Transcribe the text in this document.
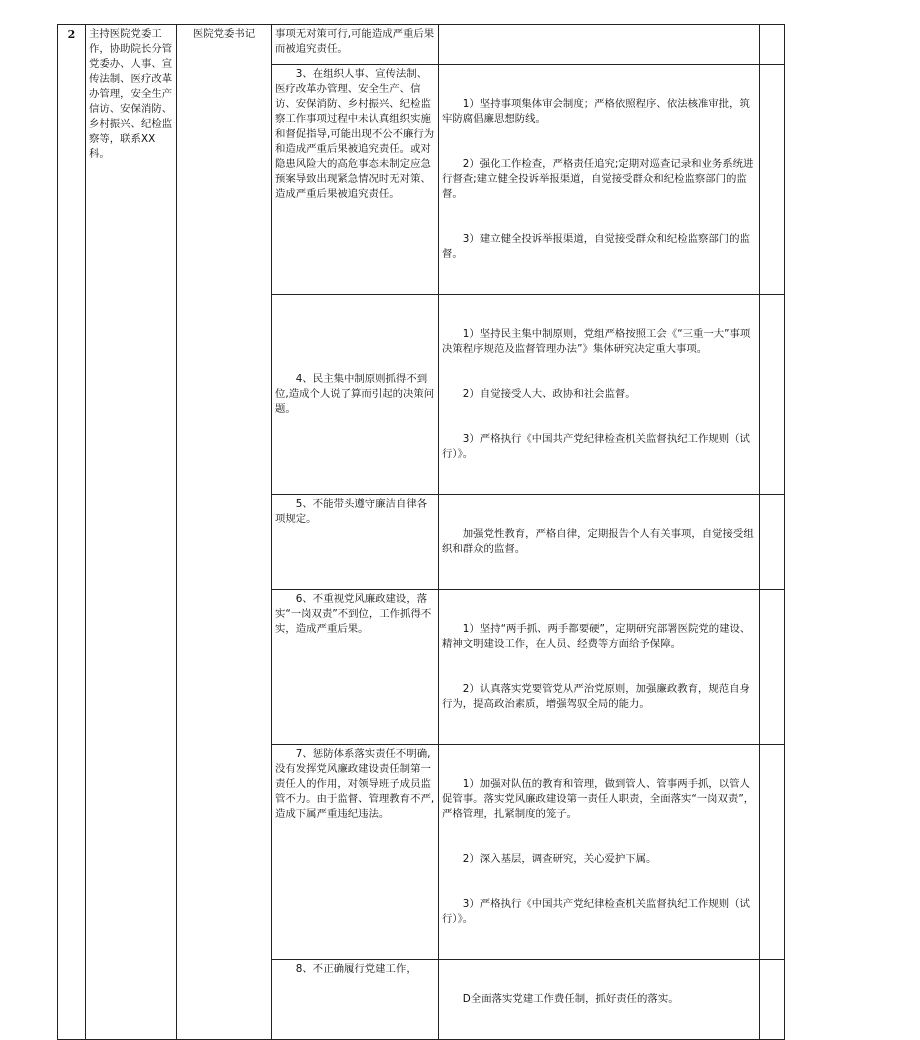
2	主持医院党委工作，协助院长分管党委办、人事、宣传法制、医疗改革办管理，安全生产信访、安保消防、乡村振兴、纪检监察等，联系XX科。	医院党委书记	事项无对策可行,可能造成严重后果而被追究责任。		
			3、在组织人事、宣传法制、医疗改革办管理、安全生产、信访、安保消防、乡村振兴、纪检监察工作事项过程中未认真组织实施和督促指导,可能出现不公不廉行为和造成严重后果被追究责任。或对隐患风险大的高危事态未制定应急预案导致出现紧急情况时无对策、造成严重后果被追究责任。	1）坚持事项集体审会制度；严格依照程序、依法核准审批，筑牢防腐倡廉思想防线。

2）强化工作检查，严格责任追究;定期对巡查记录和业务系统进行督查;建立健全投诉举报渠道，自觉接受群众和纪检监察部门的监督。

3）建立健全投诉举报渠道，自觉接受群众和纪检监察部门的监督。	

			4、民主集中制原则抓得不到位,造成个人说了算而引起的决策问题。	1）坚持民主集中制原则，党组严格按照工会《“三重一大”事项决策程序规范及监督管理办法”》集体研究决定重大事项。

2）自觉接受人大、政协和社会监督。

3）严格执行《中国共产党纪律检查机关监督执纪工作规则（试行）》。	

			5、不能带头遵守廉洁自律各项规定。	加强党性教育，严格自律，定期报告个人有关事项，自觉接受组织和群众的监督。	

			6、不重视党风廉政建设，落实“一岗双责”不到位，工作抓得不实，造成严重后果。	1）坚持“两手抓、两手都要硬”，定期研究部署医院党的建设、精神文明建设工作，在人员、经费等方面给予保障。

2）认真落实党要管党从严治党原则，加强廉政教育，规范自身行为，提高政治素质，增强驾驭全局的能力。	

			7、惩防体系落实责任不明确,没有发挥党风廉政建设责任制第一责任人的作用，对领导班子成员监管不力。由于监督、管理教育不严,造成下属严重违纪违法。	1）加强对队伍的教育和管理，做到管人、管事两手抓，以管人促管事。落实党风廉政建设第一责任人职责，全面落实“一岗双责”，严格管理，扎紧制度的笼子。

2）深入基层，调查研究，关心爱护下属。

3）严格执行《中国共产党纪律检查机关监督执纪工作规则（试行）》。	

			8、不正确履行党建工作，	D全面落实党建工作费任制，抓好责任的落实。	
